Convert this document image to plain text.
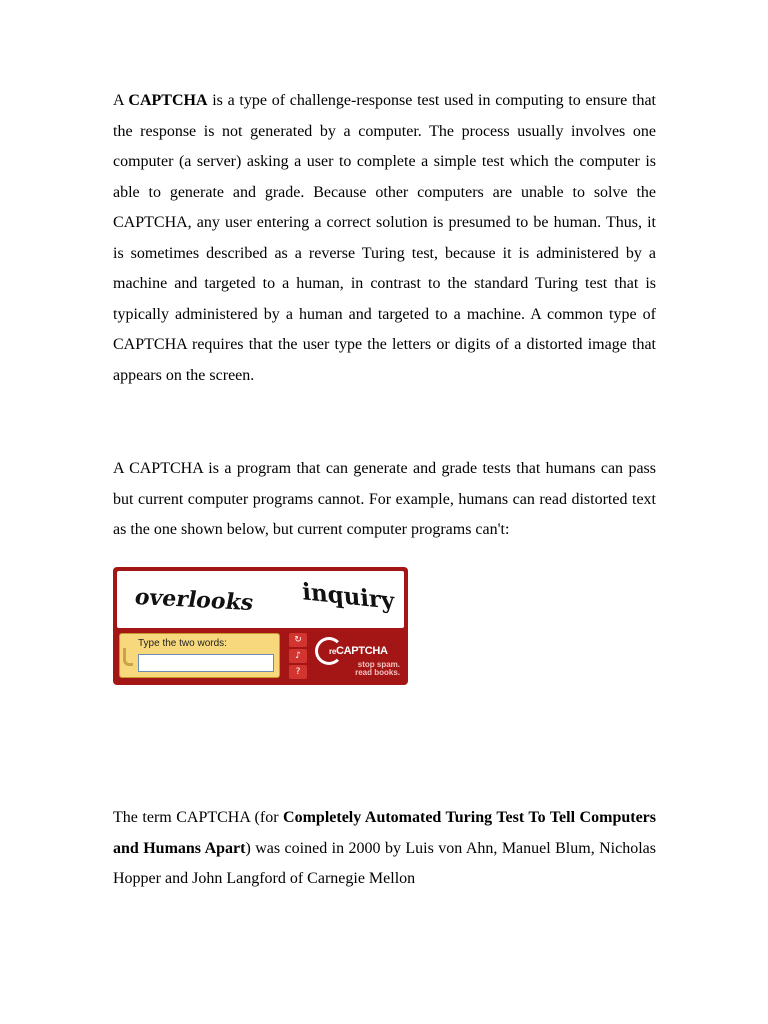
A CAPTCHA is a type of challenge-response test used in computing to ensure that the response is not generated by a computer. The process usually involves one computer (a server) asking a user to complete a simple test which the computer is able to generate and grade. Because other computers are unable to solve the CAPTCHA, any user entering a correct solution is presumed to be human. Thus, it is sometimes described as a reverse Turing test, because it is administered by a machine and targeted to a human, in contrast to the standard Turing test that is typically administered by a human and targeted to a machine. A common type of CAPTCHA requires that the user type the letters or digits of a distorted image that appears on the screen.

A CAPTCHA is a program that can generate and grade tests that humans can pass but current computer programs cannot. For example, humans can read distorted text as the one shown below, but current computer programs can't:

overlooks inquiry
Type the two words:	↻
♪
?
reCAPTCHA
stop spam.
read books.

The term CAPTCHA (for Completely Automated Turing Test To Tell Computers and Humans Apart) was coined in 2000 by Luis von Ahn, Manuel Blum, Nicholas Hopper and John Langford of Carnegie Mellon
